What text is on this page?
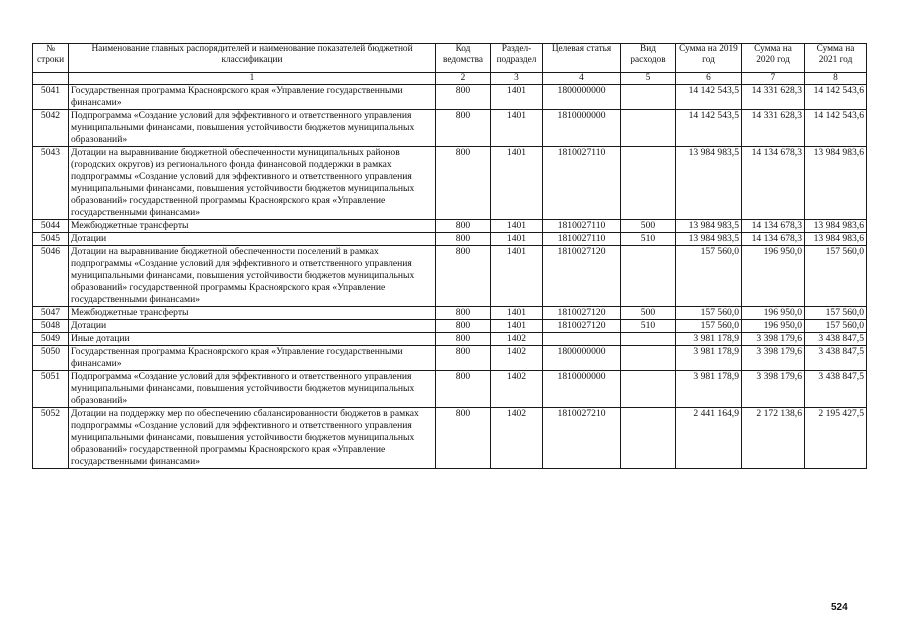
№ строки	Наименование главных распорядителей и наименование показателей бюджетной классификации	Код ведомства	Раздел-подраздел	Целевая статья	Вид расходов	Сумма на 2019 год	Сумма на 2020 год	Сумма на 2021 год
	1	2	3	4	5	6	7	8
5041	Государственная программа Красноярского края «Управление государственными финансами»	800	1401	1800000000		14 142 543,5	14 331 628,3	14 142 543,6
5042	Подпрограмма «Создание условий для эффективного и ответственного управления муниципальными финансами, повышения устойчивости бюджетов муниципальных образований»	800	1401	1810000000		14 142 543,5	14 331 628,3	14 142 543,6
5043	Дотации на выравнивание бюджетной обеспеченности муниципальных районов (городских округов) из регионального фонда финансовой поддержки в рамках подпрограммы «Создание условий для эффективного и ответственного управления муниципальными финансами, повышения устойчивости бюджетов муниципальных образований» государственной программы Красноярского края «Управление государственными финансами»	800	1401	1810027110		13 984 983,5	14 134 678,3	13 984 983,6
5044	Межбюджетные трансферты	800	1401	1810027110	500	13 984 983,5	14 134 678,3	13 984 983,6
5045	Дотации	800	1401	1810027110	510	13 984 983,5	14 134 678,3	13 984 983,6
5046	Дотации на выравнивание бюджетной обеспеченности поселений в рамках подпрограммы «Создание условий для эффективного и ответственного управления муниципальными финансами, повышения устойчивости бюджетов муниципальных образований» государственной программы Красноярского края «Управление государственными финансами»	800	1401	1810027120		157 560,0	196 950,0	157 560,0
5047	Межбюджетные трансферты	800	1401	1810027120	500	157 560,0	196 950,0	157 560,0
5048	Дотации	800	1401	1810027120	510	157 560,0	196 950,0	157 560,0
5049	Иные дотации	800	1402			3 981 178,9	3 398 179,6	3 438 847,5
5050	Государственная программа Красноярского края «Управление государственными финансами»	800	1402	1800000000		3 981 178,9	3 398 179,6	3 438 847,5
5051	Подпрограмма «Создание условий для эффективного и ответственного управления муниципальными финансами, повышения устойчивости бюджетов муниципальных образований»	800	1402	1810000000		3 981 178,9	3 398 179,6	3 438 847,5
5052	Дотации на поддержку мер по обеспечению сбалансированности бюджетов в рамках подпрограммы «Создание условий для эффективного и ответственного управления муниципальными финансами, повышения устойчивости бюджетов муниципальных образований» государственной программы Красноярского края «Управление государственными финансами»	800	1402	1810027210		2 441 164,9	2 172 138,6	2 195 427,5
524
